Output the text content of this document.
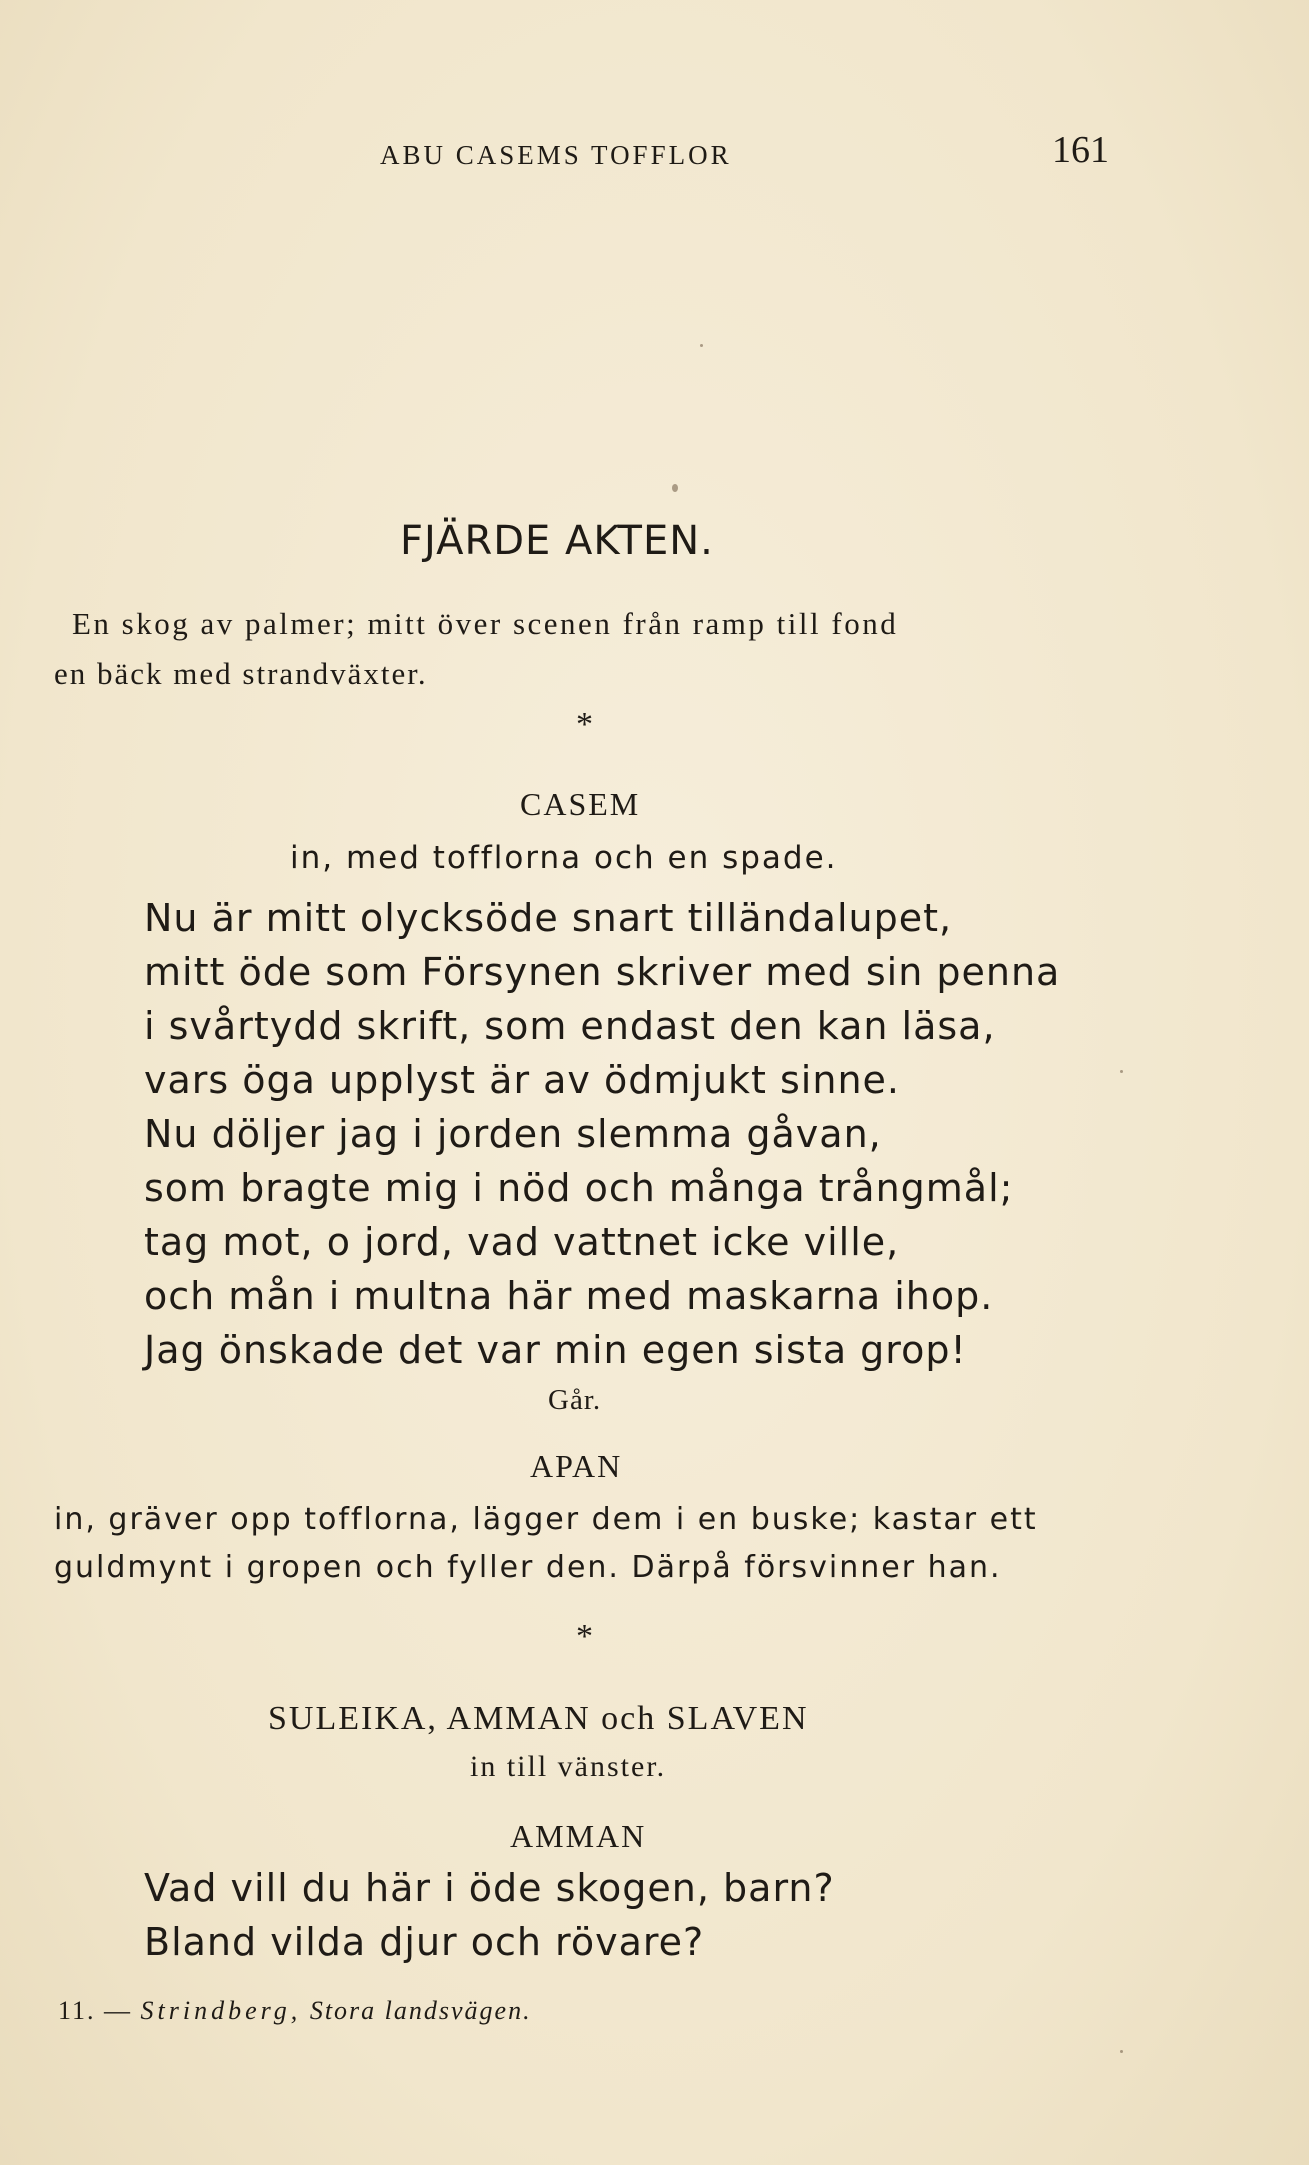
ABU CASEMS TOFFLOR	161
FJÄRDE AKTEN.
En skog av palmer; mitt över scenen från ramp till fond
en bäck med strandväxter.
*
CASEM
in, med tofflorna och en spade.
Nu är mitt olycksöde snart tilländalupet,
mitt öde som Försynen skriver med sin penna
i svårtydd skrift, som endast den kan läsa,
vars öga upplyst är av ödmjukt sinne.
Nu döljer jag i jorden slemma gåvan,
som bragte mig i nöd och många trångmål;
tag mot, o jord, vad vattnet icke ville,
och mån i multna här med maskarna ihop.
Jag önskade det var min egen sista grop!
Går.
APAN
in, gräver opp tofflorna, lägger dem i en buske; kastar ett
guldmynt i gropen och fyller den. Därpå försvinner han.
*
SULEIKA, AMMAN och SLAVEN
in till vänster.
AMMAN
Vad vill du här i öde skogen, barn?
Bland vilda djur och rövare?
11. — Strindberg, Stora landsvägen.
